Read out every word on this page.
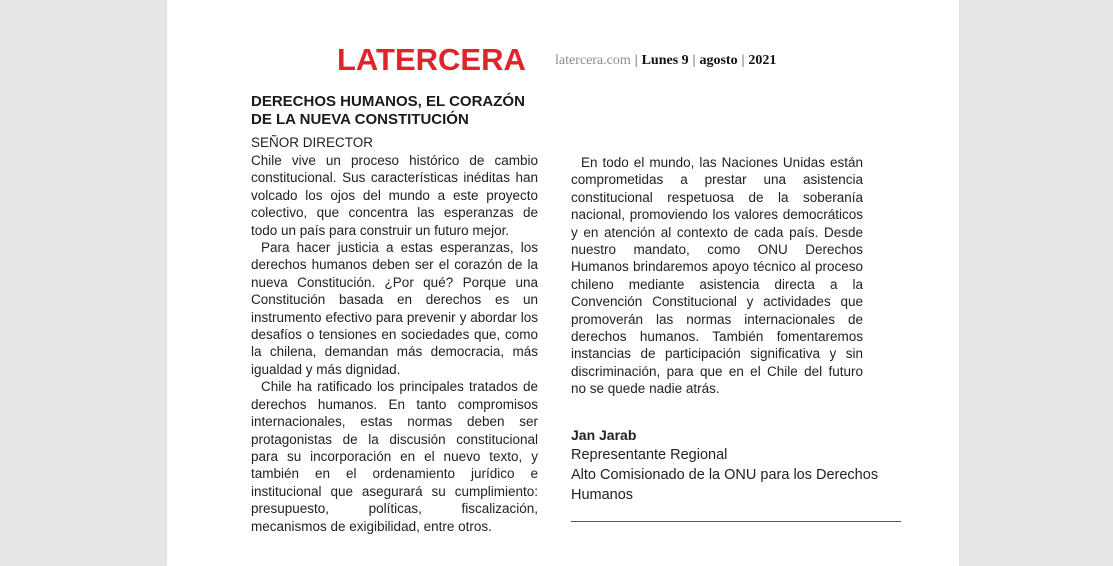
LATERCERA latercera.com | Lunes 9 | agosto | 2021
DERECHOS HUMANOS, EL CORAZÓN
DE LA NUEVA CONSTITUCIÓN
SEÑOR DIRECTOR

Chile vive un proceso histórico de cambio constitucional. Sus características inéditas han volcado los ojos del mundo a este proyecto colectivo, que concentra las esperanzas de todo un país para construir un futuro mejor.

Para hacer justicia a estas esperanzas, los derechos humanos deben ser el corazón de la nueva Constitución. ¿Por qué? Porque una Constitución basada en derechos es un instrumento efectivo para prevenir y abordar los desafíos o tensiones en sociedades que, como la chilena, demandan más democracia, más igualdad y más dignidad.

Chile ha ratificado los principales tratados de derechos humanos. En tanto compromisos internacionales, estas normas deben ser protagonistas de la discusión constitucional para su incorporación en el nuevo texto, y también en el ordenamiento jurídico e institucional que asegurará su cumplimiento: presupuesto, políticas, fiscalización, mecanismos de exigibilidad, entre otros.

En todo el mundo, las Naciones Unidas están comprometidas a prestar una asistencia constitucional respetuosa de la soberanía nacional, promoviendo los valores democráticos y en atención al contexto de cada país. Desde nuestro mandato, como ONU Derechos Humanos brindaremos apoyo técnico al proceso chileno mediante asistencia directa a la Convención Constitucional y actividades que promoverán las normas internacionales de derechos humanos. También fomentaremos instancias de participación significativa y sin discriminación, para que en el Chile del futuro no se quede nadie atrás.

Jan Jarab
Representante Regional
Alto Comisionado de la ONU para los Derechos Humanos
